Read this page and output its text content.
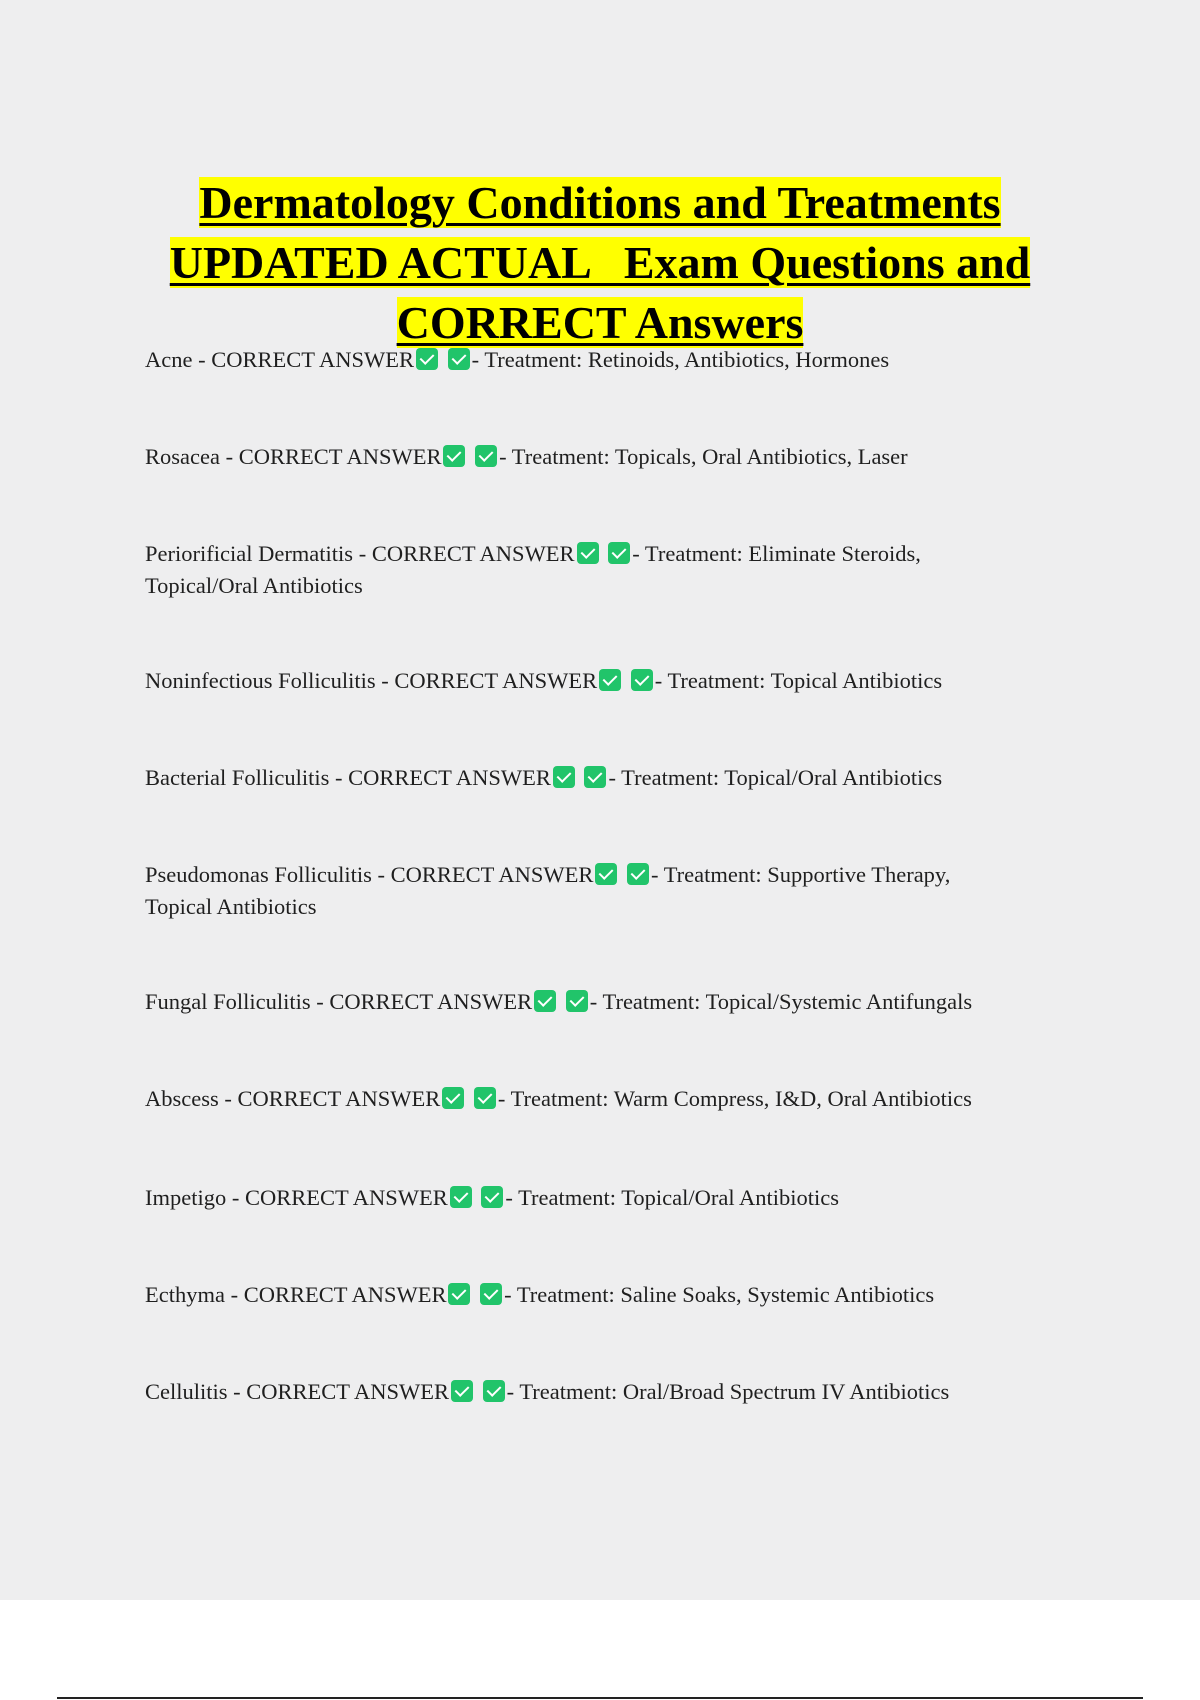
Dermatology Conditions and Treatments
UPDATED ACTUAL   Exam Questions and
CORRECT Answers
Acne - CORRECT ANSWER	- Treatment: Retinoids, Antibiotics, Hormones

Rosacea - CORRECT ANSWER	- Treatment: Topicals, Oral Antibiotics, Laser

Periorificial Dermatitis - CORRECT ANSWER	- Treatment: Eliminate Steroids,
Topical/Oral Antibiotics
Noninfectious Folliculitis - CORRECT ANSWER	- Treatment: Topical Antibiotics

Bacterial Folliculitis - CORRECT ANSWER	- Treatment: Topical/Oral Antibiotics

Pseudomonas Folliculitis - CORRECT ANSWER	- Treatment: Supportive Therapy,
Topical Antibiotics
Fungal Folliculitis - CORRECT ANSWER	- Treatment: Topical/Systemic Antifungals

Abscess - CORRECT ANSWER	- Treatment: Warm Compress, I&D, Oral Antibiotics

Impetigo - CORRECT ANSWER	- Treatment: Topical/Oral Antibiotics

Ecthyma - CORRECT ANSWER	- Treatment: Saline Soaks, Systemic Antibiotics

Cellulitis - CORRECT ANSWER	- Treatment: Oral/Broad Spectrum IV Antibiotics
